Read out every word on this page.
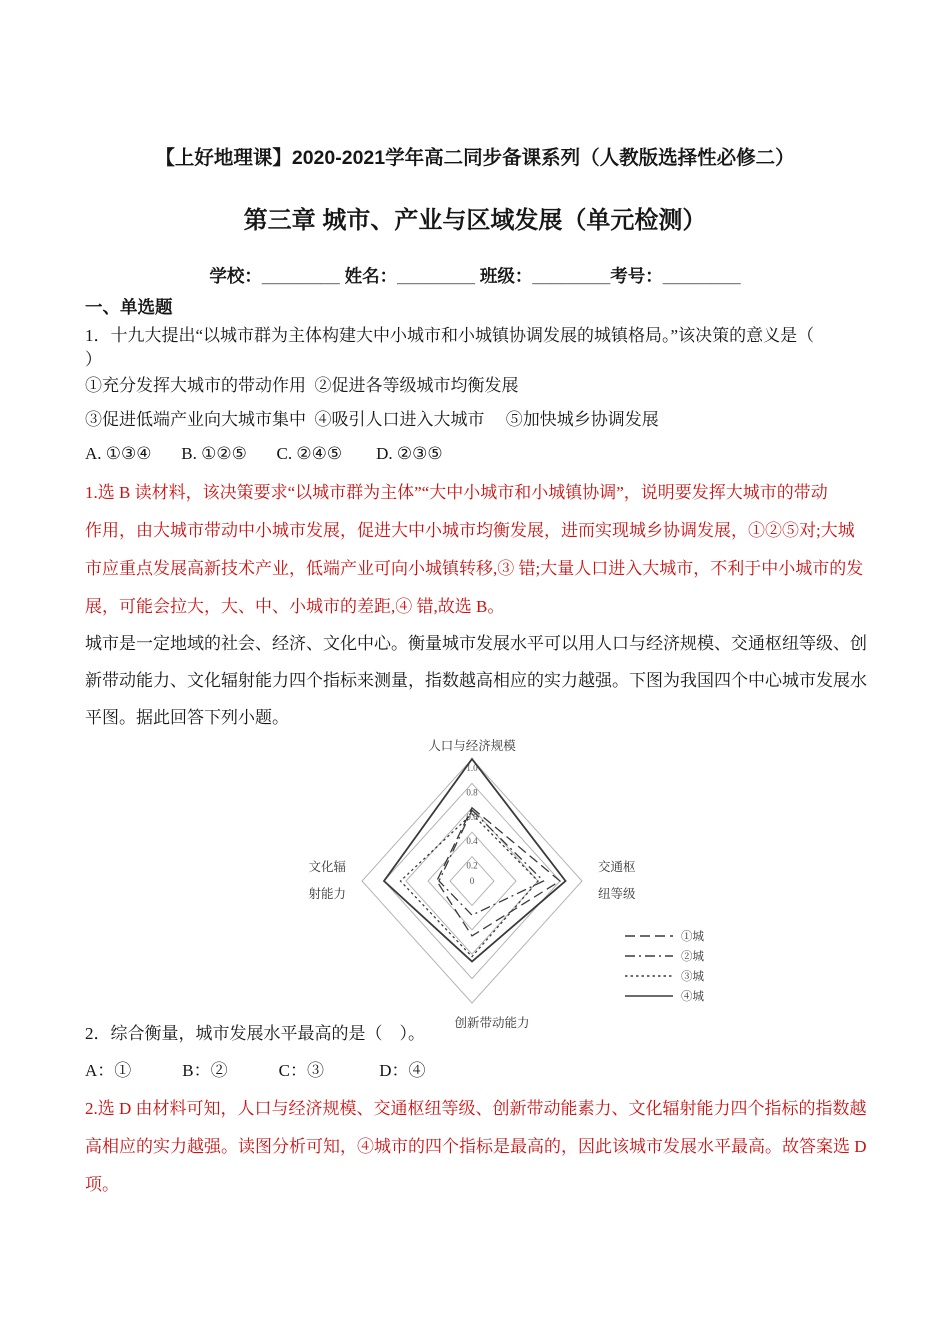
【上好地理课】2020-2021学年高二同步备课系列（人教版选择性必修二）
第三章 城市、产业与区域发展（单元检测）
学校：________ 姓名：________ 班级：________考号：________
一、单选题
1．十九大提出“以城市群为主体构建大中小城市和小城镇协调发展的城镇格局。”该决策的意义是（
）
①充分发挥大城市的带动作用  ②促进各等级城市均衡发展
③促进低端产业向大城市集中  ④吸引人口进入大城市     ⑤加快城乡协调发展
A. ①③④       B. ①②⑤       C. ②④⑤        D. ②③⑤
1.选 B 读材料，该决策要求“以城市群为主体”“大中小城市和小城镇协调”，说明要发挥大城市的带动
作用，由大城市带动中小城市发展，促进大中小城市均衡发展，进而实现城乡协调发展，①②⑤对;大城
市应重点发展高新技术产业，低端产业可向小城镇转移,③ 错;大量人口进入大城市，不利于中小城市的发
展，可能会拉大，大、中、小城市的差距,④ 错,故选 B。
城市是一定地域的社会、经济、文化中心。衡量城市发展水平可以用人口与经济规模、交通枢纽等级、创
新带动能力、文化辐射能力四个指标来测量，指数越高相应的实力越强。下图为我国四个中心城市发展水
平图。据此回答下列小题。
0
0.2
0.4
0.6
0.8
1.0
人口与经济规模
创新带动能力
交通枢
纽等级
文化辐
射能力
①城
②城
③城
④城
2．综合衡量，城市发展水平最高的是（　）。
A：①            B：②            C：③             D：④
2.选 D 由材料可知，人口与经济规模、交通枢纽等级、创新带动能素力、文化辐射能力四个指标的指数越
高相应的实力越强。读图分析可知，④城市的四个指标是最高的，因此该城市发展水平最高。故答案选 D
项。
